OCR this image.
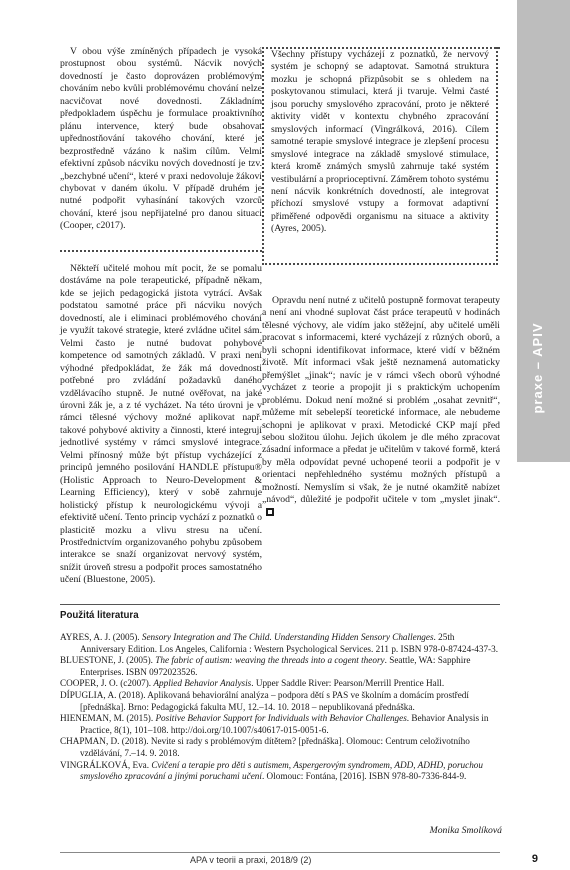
praxe – APIV

V obou výše zmíněných případech je vysoká prostupnost obou systémů. Nácvik nových dovedností je často doprovázen problémovým chováním nebo kvůli problémovému chování nelze nacvičovat nové dovednosti. Základním předpokladem úspěchu je formulace proaktivního plánu intervence, který bude obsahovat upřednostňování takového chování, které je bezprostředně vázáno k našim cílům. Velmi efektivní způsob nácviku nových dovedností je tzv. „bezchybné učení“, které v praxi nedovoluje žákovi chybovat v daném úkolu. V případě druhém je nutné podpořit vyhasínání takových vzorců chování, které jsou nepřijatelné pro danou situaci (Cooper, c2017).

Někteří učitelé mohou mít pocit, že se pomalu dostáváme na pole terapeutické, případně někam, kde se jejich pedagogická jistota vytrácí. Avšak podstatou samotné práce při nácviku nových dovedností, ale i eliminaci problémového chování je využít takové strategie, které zvládne učitel sám. Velmi často je nutné budovat pohybové kompetence od samotných základů. V praxi není výhodné předpokládat, že žák má dovednosti potřebné pro zvládání požadavků daného vzdělávacího stupně. Je nutné ověřovat, na jaké úrovni žák je, a z té vycházet. Na této úrovni je v rámci tělesné výchovy možné aplikovat např. takové pohybové aktivity a činnosti, které integrují jednotlivé systémy v rámci smyslové integrace. Velmi přínosný může být přístup vycházející z principů jemného posilování HANDLE přístupu® (Holistic Approach to Neuro-Development & Learning Efficiency), který v sobě zahrnuje holistický přístup k neurologickému vývoji a efektivitě učení. Tento princip vychází z poznatků o plasticitě mozku a vlivu stresu na učení. Prostřednictvím organizovaného pohybu způsobem interakce se snaží organizovat nervový systém, snížit úroveň stresu a podpořit proces samostatného učení (Bluestone, 2005).

Všechny přístupy vycházejí z poznatků, že nervový systém je schopný se adaptovat. Samotná struktura mozku je schopná přizpůsobit se s ohledem na poskytovanou stimulaci, která ji tvaruje. Velmi časté jsou poruchy smyslového zpracování, proto je některé aktivity vidět v kontextu chybného zpracování smyslových informací (Vingrálková, 2016). Cílem samotné terapie smyslové integrace je zlepšení procesu smyslové integrace na základě smyslové stimulace, která kromě známých smyslů zahrnuje také systém vestibulární a proprioceptivní. Záměrem tohoto systému není nácvik konkrétních dovedností, ale integrovat příchozí smyslové vstupy a formovat adaptivní přiměřené odpovědi organismu na situace a aktivity (Ayres, 2005).

Opravdu není nutné z učitelů postupně formovat terapeuty a není ani vhodné suplovat část práce terapeutů v hodinách tělesné výchovy, ale vidím jako stěžejní, aby učitelé uměli pracovat s informacemi, které vycházejí z různých oborů, a byli schopni identifikovat informace, které vidí v běžném životě. Mít informaci však ještě neznamená automaticky přemýšlet „jinak“; navíc je v rámci všech oborů výhodné vycházet z teorie a propojit ji s praktickým uchopením problému. Dokud není možné si problém „osahat zevnitř“, můžeme mít sebelepší teoretické informace, ale nebudeme schopni je aplikovat v praxi. Metodické CKP mají před sebou složitou úlohu. Jejich úkolem je dle mého zpracovat zásadní informace a předat je učitelům v takové formě, která by měla odpovídat pevné uchopené teorii a podpořit je v orientaci nepřehledného systému možných přístupů a možností. Nemyslím si však, že je nutné okamžitě nabízet „návod“, důležité je podpořit učitele v tom „myslet jinak“.

Použitá literatura

AYRES, A. J. (2005). Sensory Integration and The Child. Understanding Hidden Sensory Challenges. 25th Anniversary Edition. Los Angeles, California : Western Psychological Services. 211 p. ISBN 978-0-87424-437-3.

BLUESTONE, J. (2005). The fabric of autism: weaving the threads into a cogent theory. Seattle, WA: Sapphire Enterprises. ISBN 0972023526.

COOPER, J. O. (c2007). Applied Behavior Analysis. Upper Saddle River: Pearson/Merrill Prentice Hall.

DÍPUGLIA, A. (2018). Aplikovaná behaviorální analýza – podpora dětí s PAS ve školním a domácím prostředí [přednáška]. Brno: Pedagogická fakulta MU, 12.–14. 10. 2018 – nepublikovaná přednáška.

HIENEMAN, M. (2015). Positive Behavior Support for Individuals with Behavior Challenges. Behavior Analysis in Practice, 8(1), 101–108. http://doi.org/10.1007/s40617-015-0051-6.

CHAPMAN, D. (2018). Nevite si rady s problémovým dítětem? [přednáška]. Olomouc: Centrum celoživotního vzdělávání, 7.–14. 9. 2018.

VINGRÁLKOVÁ, Eva. Cvičení a terapie pro děti s autismem, Aspergerovým syndromem, ADD, ADHD, poruchou smyslového zpracování a jinými poruchami učení. Olomouc: Fontána, [2016]. ISBN 978-80-7336-844-9.

Monika Smolíková
APA v teorii a praxi, 2018/9 (2)	9
